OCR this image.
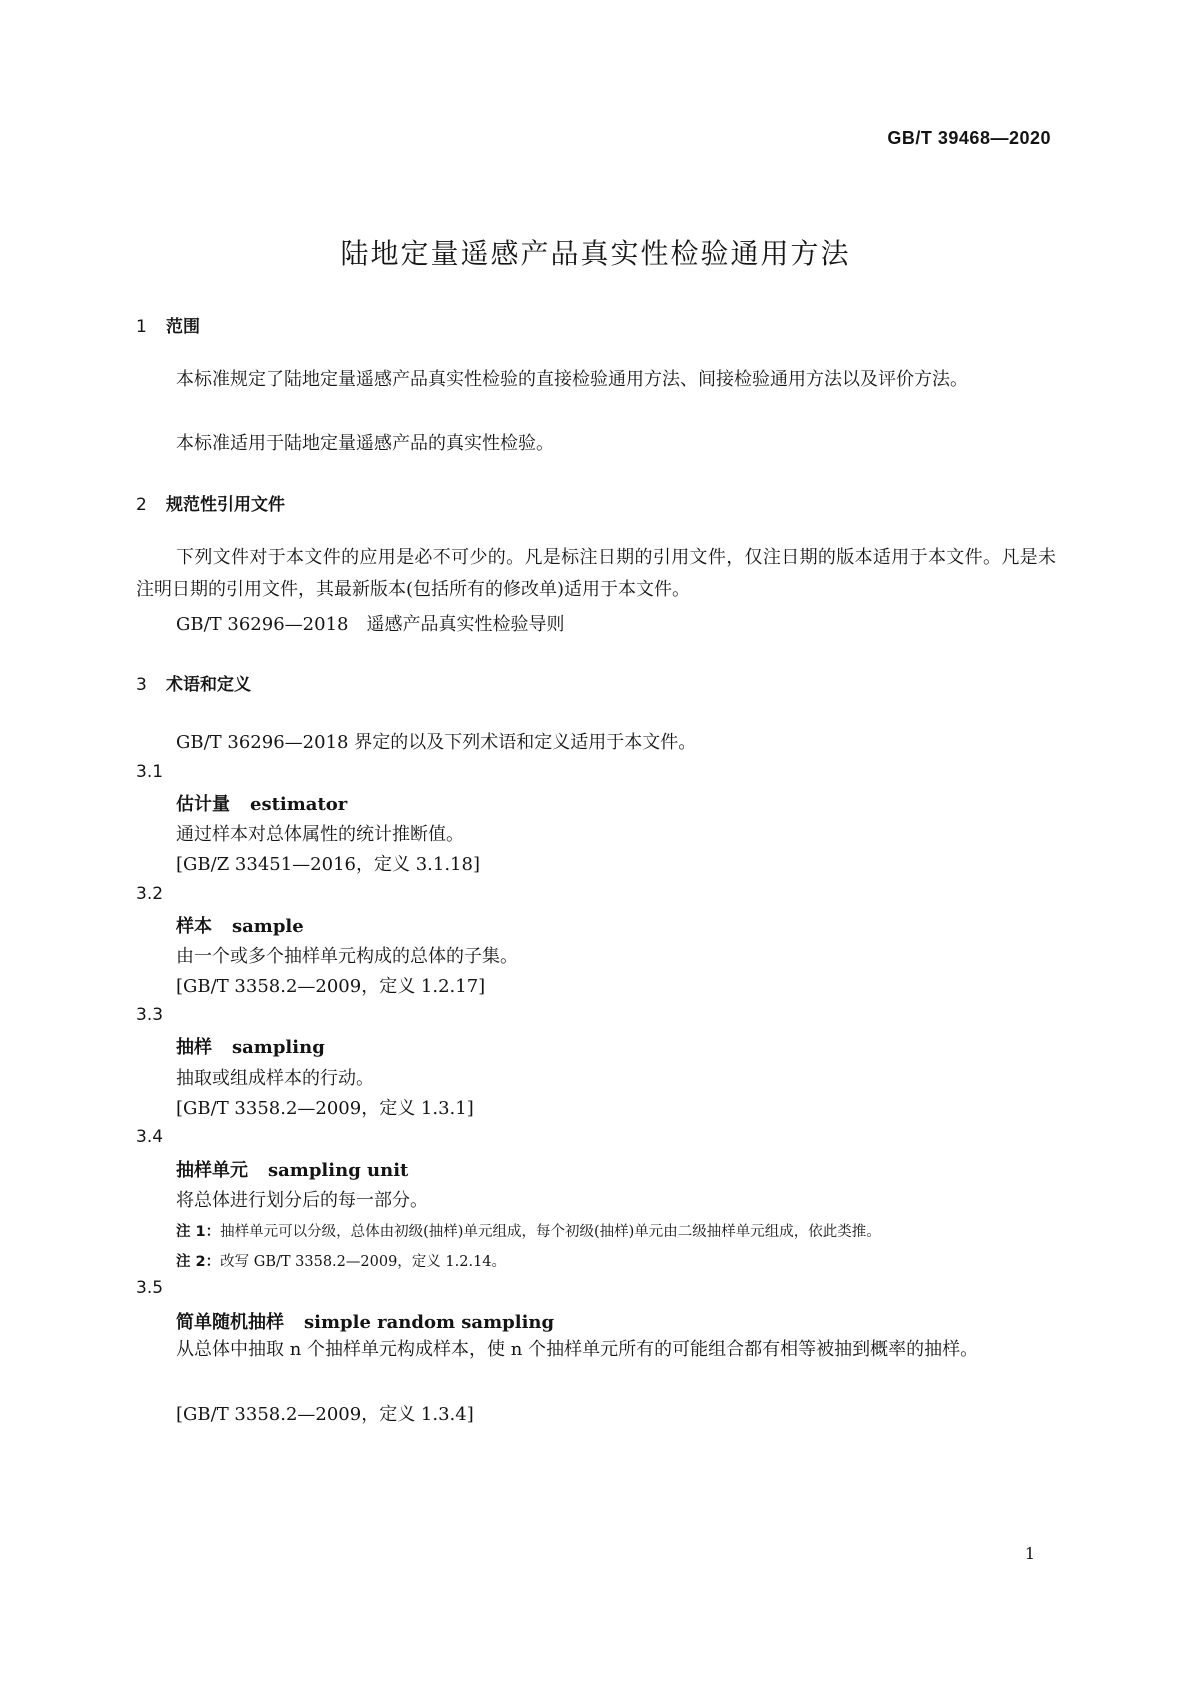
GB/T 39468—2020
陆地定量遥感产品真实性检验通用方法
1 范围

本标准规定了陆地定量遥感产品真实性检验的直接检验通用方法、间接检验通用方法以及评价方法。

本标准适用于陆地定量遥感产品的真实性检验。

2 规范性引用文件

下列文件对于本文件的应用是必不可少的。凡是标注日期的引用文件，仅注日期的版本适用于本文件。凡是未注明日期的引用文件，其最新版本(包括所有的修改单)适用于本文件。

GB/T 36296—2018　遥感产品真实性检验导则
3 术语和定义
GB/T 36296—2018 界定的以及下列术语和定义适用于本文件。
3.1
估计量 estimator
通过样本对总体属性的统计推断值。
[GB/Z 33451—2016，定义 3.1.18]
3.2
样本 sample
由一个或多个抽样单元构成的总体的子集。
[GB/T 3358.2—2009，定义 1.2.17]
3.3
抽样 sampling
抽取或组成样本的行动。
[GB/T 3358.2—2009，定义 1.3.1]
3.4
抽样单元 sampling unit
将总体进行划分后的每一部分。
注 1：抽样单元可以分级，总体由初级(抽样)单元组成，每个初级(抽样)单元由二级抽样单元组成，依此类推。
注 2：改写 GB/T 3358.2—2009，定义 1.2.14。
3.5
简单随机抽样 simple random sampling

从总体中抽取 n 个抽样单元构成样本，使 n 个抽样单元所有的可能组合都有相等被抽到概率的抽样。

[GB/T 3358.2—2009，定义 1.3.4]
1
